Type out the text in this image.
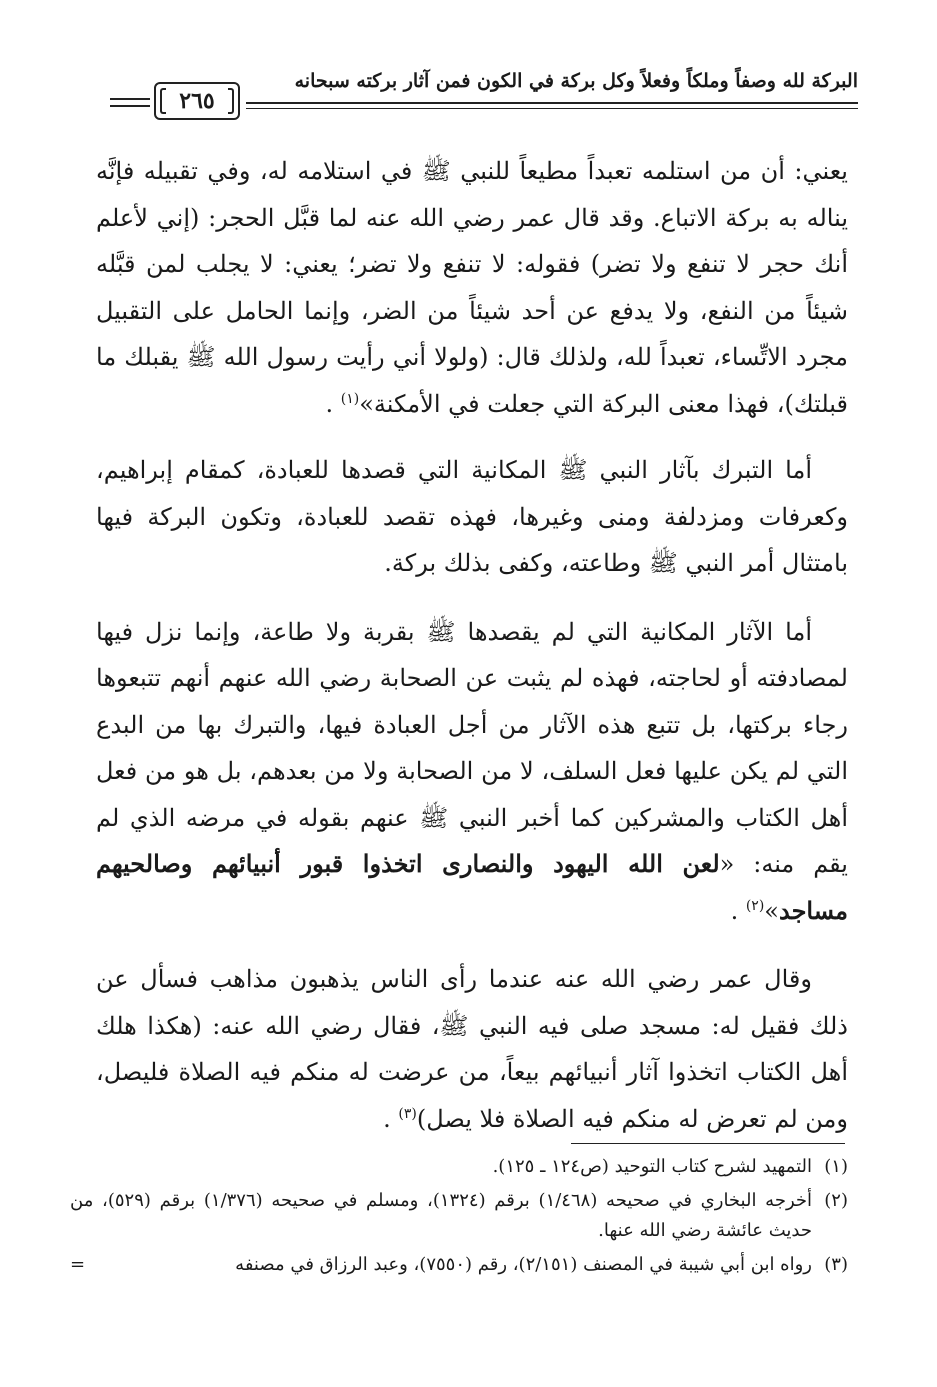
البركة لله وصفاً وملكاً وفعلاً وكل بركة في الكون فمن آثار بركته سبحانه
٢٦٥

يعني: أن من استلمه تعبداً مطيعاً للنبي ﷺ في استلامه له، وفي تقبيله فإنَّه يناله به بركة الاتباع. وقد قال عمر رضي الله عنه لما قبَّل الحجر: (إني لأعلم أنك حجر لا تنفع ولا تضر) فقوله: لا تنفع ولا تضر؛ يعني: لا يجلب لمن قبَّله شيئاً من النفع، ولا يدفع عن أحد شيئاً من الضر، وإنما الحامل على التقبيل مجرد الاتِّساء، تعبداً لله، ولذلك قال: (ولولا أني رأيت رسول الله ﷺ يقبلك ما قبلتك)، فهذا معنى البركة التي جعلت في الأمكنة»$^{(١)}$ .

أما التبرك بآثار النبي ﷺ المكانية التي قصدها للعبادة، كمقام إبراهيم، وكعرفات ومزدلفة ومنى وغيرها، فهذه تقصد للعبادة، وتكون البركة فيها بامتثال أمر النبي ﷺ وطاعته، وكفى بذلك بركة.

أما الآثار المكانية التي لم يقصدها ﷺ بقربة ولا طاعة، وإنما نزل فيها لمصادفته أو لحاجته، فهذه لم يثبت عن الصحابة رضي الله عنهم أنهم تتبعوها رجاء بركتها، بل تتبع هذه الآثار من أجل العبادة فيها، والتبرك بها من البدع التي لم يكن عليها فعل السلف، لا من الصحابة ولا من بعدهم، بل هو من فعل أهل الكتاب والمشركين كما أخبر النبي ﷺ عنهم بقوله في مرضه الذي لم يقم منه: «لعن الله اليهود والنصارى اتخذوا قبور أنبيائهم وصالحيهم مساجد»$^{(٢)}$ .

وقال عمر رضي الله عنه عندما رأى الناس يذهبون مذاهب فسأل عن ذلك فقيل له: مسجد صلى فيه النبي ﷺ، فقال رضي الله عنه: (هكذا هلك أهل الكتاب اتخذوا آثار أنبيائهم بيعاً، من عرضت له منكم فيه الصلاة فليصل، ومن لم تعرض له منكم فيه الصلاة فلا يصل)$^{(٣)}$ .

(١)
التمهيد لشرح كتاب التوحيد (ص١٢٤ ـ ١٢٥).
(٢)
أخرجه البخاري في صحيحه (١/٤٦٨) برقم (١٣٢٤)، ومسلم في صحيحه (١/٣٧٦) برقم (٥٢٩)، من حديث عائشة رضي الله عنها.
(٣)
رواه ابن أبي شيبة في المصنف (٢/١٥١)، رقم (٧٥٥٠)، وعبد الرزاق في مصنفه
=
